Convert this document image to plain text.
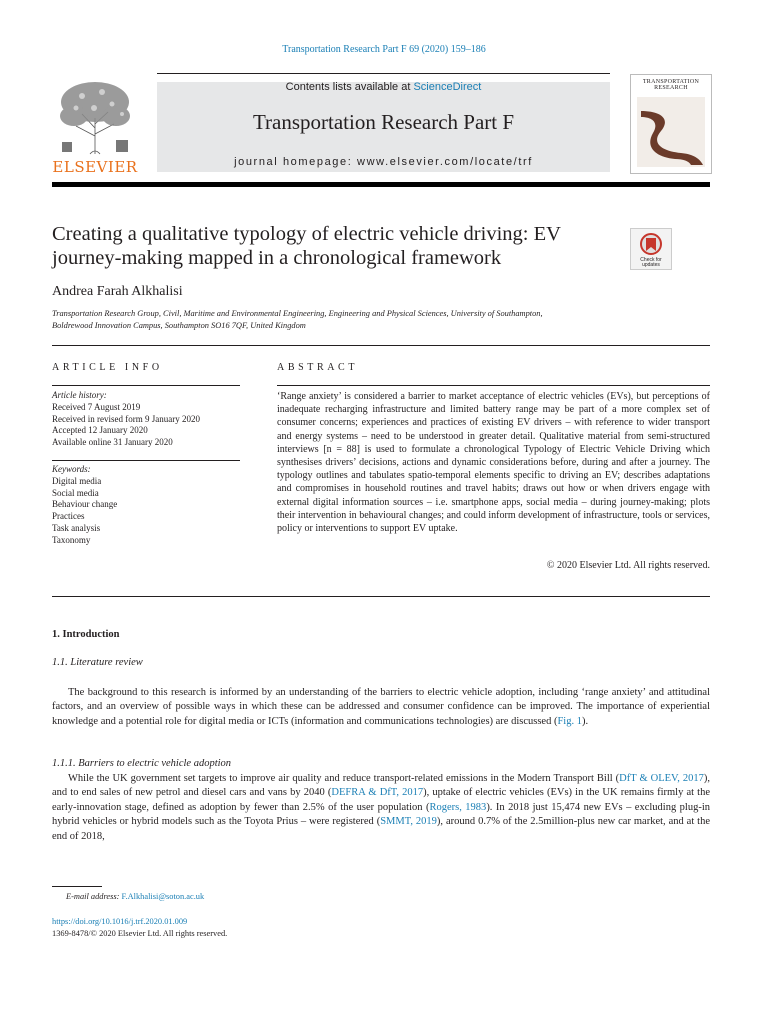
Transportation Research Part F 69 (2020) 159–186
ELSEVIER
Contents lists available at ScienceDirect
Transportation Research Part F
journal homepage: www.elsevier.com/locate/trf
TRANSPORTATION RESEARCH
Creating a qualitative typology of electric vehicle driving: EV journey-making mapped in a chronological framework	Check for updates
Andrea Farah Alkhalisi
Transportation Research Group, Civil, Maritime and Environmental Engineering, Engineering and Physical Sciences, University of Southampton,
Boldrewood Innovation Campus, Southampton SO16 7QF, United Kingdom
ARTICLE INFO
Article history:
Received 7 August 2019
Received in revised form 9 January 2020
Accepted 12 January 2020
Available online 31 January 2020
Keywords:
Digital media
Social media
Behaviour change
Practices
Task analysis
Taxonomy
ABSTRACT
‘Range anxiety’ is considered a barrier to market acceptance of electric vehicles (EVs), but perceptions of inadequate recharging infrastructure and limited battery range may be part of a more complex set of consumer concerns; experiences and practices of existing EV drivers – with reference to wider transport and energy systems – need to be understood in greater detail. Qualitative material from semi-structured interviews [n = 88] is used to formulate a chronological Typology of Electric Vehicle Driving which synthesises drivers’ decisions, actions and dynamic considerations before, during and after a journey. The typology outlines and tabulates spatio-temporal elements specific to driving an EV; describes adaptations and compromises in household routines and travel habits; draws out how or when drivers engage with external digital information sources – i.e. smartphone apps, social media – during journey-making; plots their intervention in behavioural changes; and could inform development of infrastructure, tools or services, policy or interventions to support EV uptake.
© 2020 Elsevier Ltd. All rights reserved.
1. Introduction
1.1. Literature review
The background to this research is informed by an understanding of the barriers to electric vehicle adoption, including ‘range anxiety’ and attitudinal factors, and an overview of possible ways in which these can be addressed and consumer confidence can be improved. The importance of experiential knowledge and a potential role for digital media or ICTs (information and communications technologies) are discussed (Fig. 1).
1.1.1. Barriers to electric vehicle adoption
While the UK government set targets to improve air quality and reduce transport-related emissions in the Modern Transport Bill (DfT & OLEV, 2017), and to end sales of new petrol and diesel cars and vans by 2040 (DEFRA & DfT, 2017), uptake of electric vehicles (EVs) in the UK remains firmly at the early-innovation stage, defined as adoption by fewer than 2.5% of the user population (Rogers, 1983). In 2018 just 15,474 new EVs – excluding plug-in hybrid vehicles or hybrid models such as the Toyota Prius – were registered (SMMT, 2019), around 0.7% of the 2.5million-plus new car market, and at the end of 2018,
E-mail address: F.Alkhalisi@soton.ac.uk
https://doi.org/10.1016/j.trf.2020.01.009
1369-8478/© 2020 Elsevier Ltd. All rights reserved.
